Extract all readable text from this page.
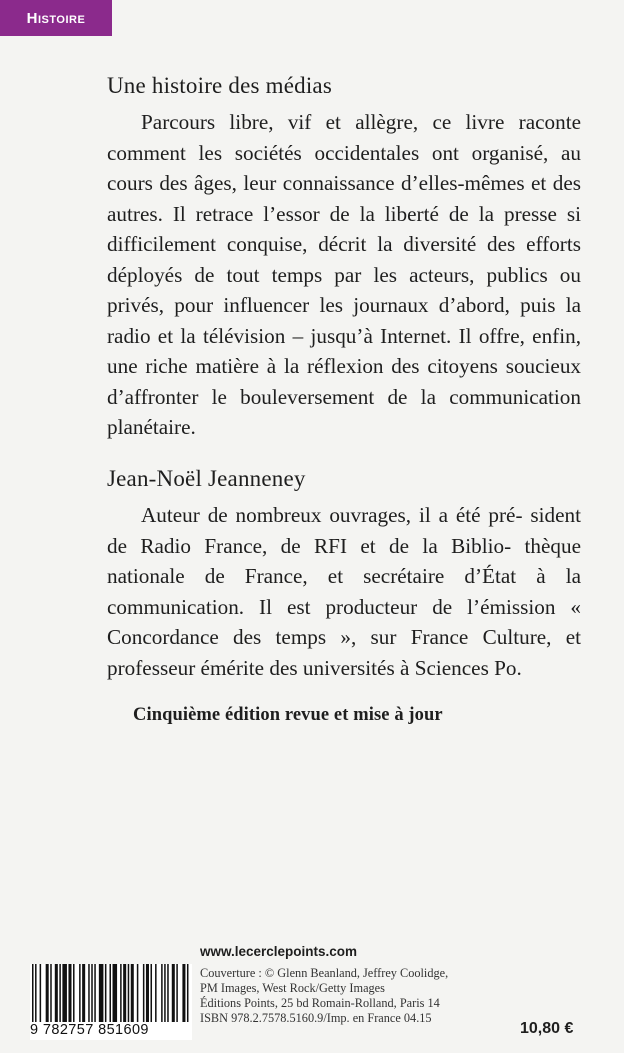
Histoire
Une histoire des médias
Parcours libre, vif et allègre, ce livre raconte comment les sociétés occidentales ont organisé, au cours des âges, leur connaissance d’elles-mêmes et des autres. Il retrace l’essor de la liberté de la presse si difficilement conquise, décrit la diversité des efforts déployés de tout temps par les acteurs, publics ou privés, pour influencer les journaux d’abord, puis la radio et la télévision – jusqu’à Internet. Il offre, enfin, une riche matière à la réflexion des citoyens soucieux d’affronter le bouleversement de la communication planétaire.
Jean-Noël Jeanneney
Auteur de nombreux ouvrages, il a été pré- sident de Radio France, de RFI et de la Biblio- thèque nationale de France, et secrétaire d’État à la communication. Il est producteur de l’émission « Concordance des temps », sur France Culture, et professeur émérite des universités à Sciences Po.
Cinquième édition revue et mise à jour
9 782757 851609
www.lecerclepoints.com
Couverture : © Glenn Beanland, Jeffrey Coolidge,
PM Images, West Rock/Getty Images
Éditions Points, 25 bd Romain-Rolland, Paris 14
ISBN 978.2.7578.5160.9/Imp. en France 04.15
10,80 €
